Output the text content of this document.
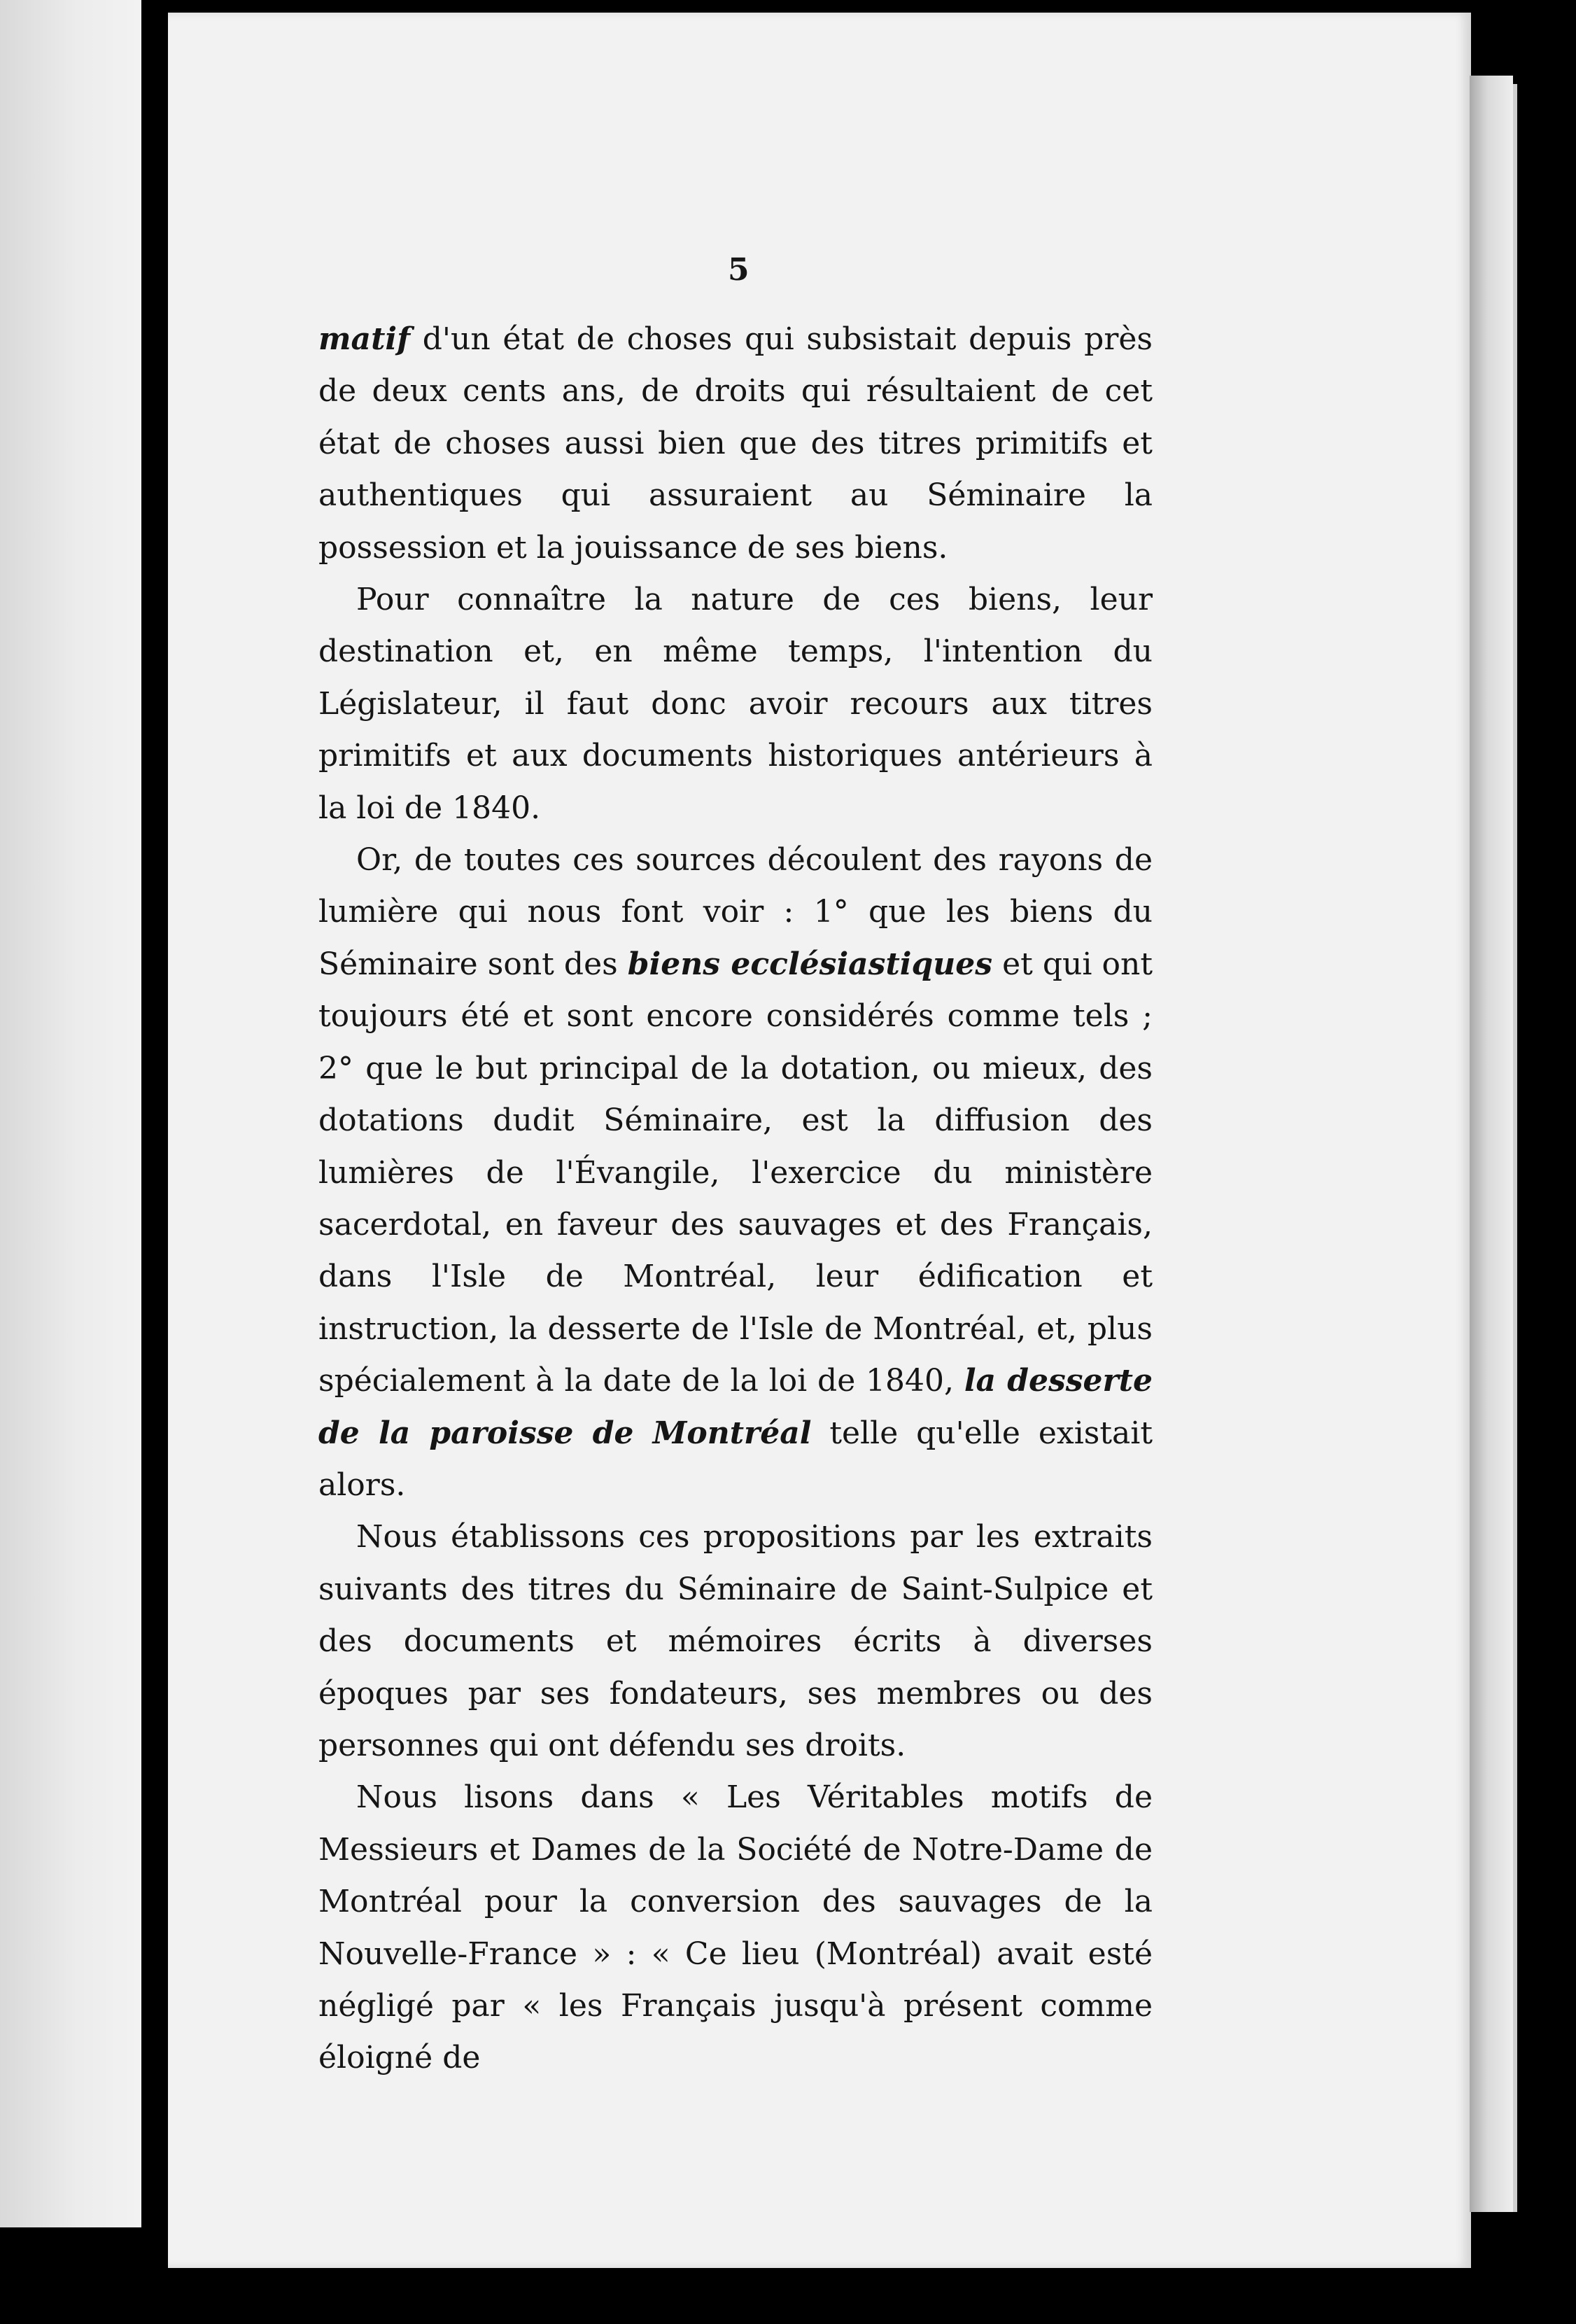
5

matif d'un état de choses qui subsistait depuis près de deux cents ans, de droits qui résultaient de cet état de choses aussi bien que des titres primitifs et authentiques qui assuraient au Séminaire la possession et la jouissance de ses biens.

Pour connaître la nature de ces biens, leur destination et, en même temps, l'intention du Législateur, il faut donc avoir recours aux titres primitifs et aux documents historiques antérieurs à la loi de 1840.

Or, de toutes ces sources découlent des rayons de lumière qui nous font voir : 1° que les biens du Séminaire sont des biens ecclésiastiques et qui ont toujours été et sont encore considérés comme tels ; 2° que le but principal de la dotation, ou mieux, des dotations dudit Séminaire, est la diffusion des lumières de l'Évangile, l'exercice du ministère sacerdotal, en faveur des sauvages et des Français, dans l'Isle de Montréal, leur édification et instruction, la desserte de l'Isle de Montréal, et, plus spécialement à la date de la loi de 1840, la desserte de la paroisse de Montréal telle qu'elle existait alors.

Nous établissons ces propositions par les extraits suivants des titres du Séminaire de Saint-Sulpice et des documents et mémoires écrits à diverses époques par ses fondateurs, ses membres ou des personnes qui ont défendu ses droits.

Nous lisons dans « Les Véritables motifs de Messieurs et Dames de la Société de Notre-Dame de Montréal pour la conversion des sauvages de la Nouvelle-France » : « Ce lieu (Montréal) avait esté négligé par « les Français jusqu'à présent comme éloigné de
